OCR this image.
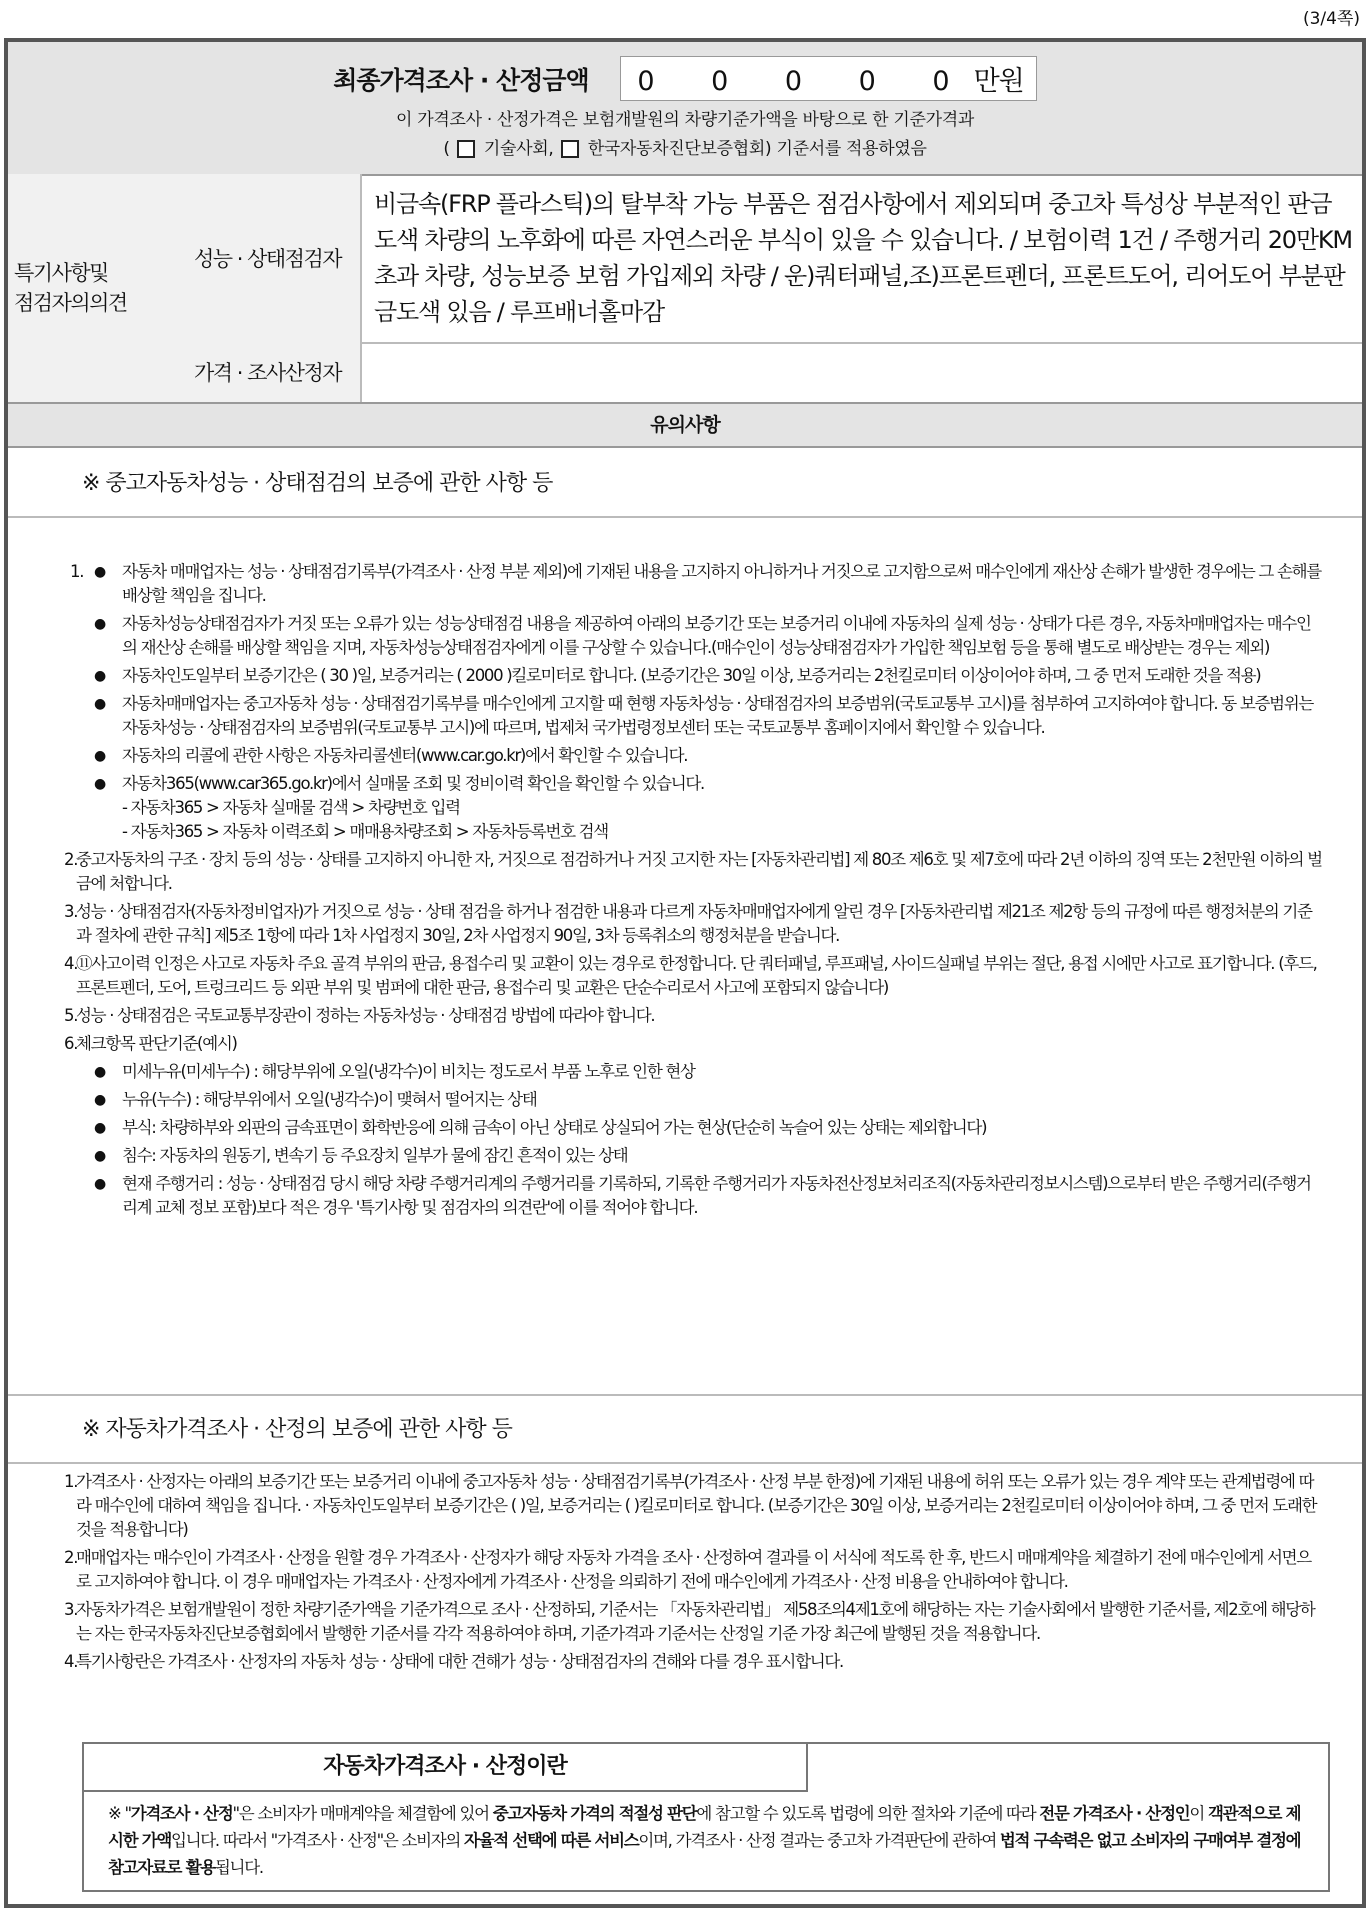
(3/4쪽)
최종가격조사 · 산정금액 0 0 0 0 0만원
이 가격조사 · 산정가격은 보험개발원의 차량기준가액을 바탕으로 한 기준가격과
( 기술사회, 한국자동차진단보증협회) 기준서를 적용하였음
특기사항및
점검자의의견
성능 · 상태점검자
비금속(FRP 플라스틱)의 탈부착 가능 부품은 점검사항에서 제외되며 중고차 특성상 부분적인 판금 도색 차량의 노후화에 따른 자연스러운 부식이 있을 수 있습니다. / 보험이력 1건 / 주행거리 20만KM 초과 차량, 성능보증 보험 가입제외 차량 / 운)쿼터패널,조)프론트펜더, 프론트도어, 리어도어 부분판금도색 있음 / 루프배너홀마감
가격 · 조사산정자
유의사항
※ 중고자동차성능 · 상태점검의 보증에 관한 사항 등
1. ● 자동차 매매업자는 성능 · 상태점검기록부(가격조사 · 산정 부분 제외)에 기재된 내용을 고지하지 아니하거나 거짓으로 고지함으로써 매수인에게 재산상 손해가 발생한 경우에는 그 손해를 배상할 책임을 집니다.

● 자동차성능상태점검자가 거짓 또는 오류가 있는 성능상태점검 내용을 제공하여 아래의 보증기간 또는 보증거리 이내에 자동차의 실제 성능 · 상태가 다른 경우, 자동차매매업자는 매수인의 재산상 손해를 배상할 책임을 지며, 자동차성능상태점검자에게 이를 구상할 수 있습니다.(매수인이 성능상태점검자가 가입한 책임보험 등을 통해 별도로 배상받는 경우는 제외)

● 자동차인도일부터 보증기간은 ( 30 )일, 보증거리는 ( 2000 )킬로미터로 합니다. (보증기간은 30일 이상, 보증거리는 2천킬로미터 이상이어야 하며, 그 중 먼저 도래한 것을 적용)

● 자동차매매업자는 중고자동차 성능 · 상태점검기록부를 매수인에게 고지할 때 현행 자동차성능 · 상태점검자의 보증범위(국토교통부 고시)를 첨부하여 고지하여야 합니다. 동 보증범위는 자동차성능 · 상태점검자의 보증범위(국토교통부 고시)에 따르며, 법제처 국가법령정보센터 또는 국토교통부 홈페이지에서 확인할 수 있습니다.

● 자동차의 리콜에 관한 사항은 자동차리콜센터(www.car.go.kr)에서 확인할 수 있습니다.

● 자동차365(www.car365.go.kr)에서 실매물 조회 및 정비이력 확인을 확인할 수 있습니다.

- 자동차365 > 자동차 실매물 검색 > 차량번호 입력

- 자동차365 > 자동차 이력조회 > 매매용차량조회 > 자동차등록번호 검색

2.

중고자동차의 구조 · 장치 등의 성능 · 상태를 고지하지 아니한 자, 거짓으로 점검하거나 거짓 고지한 자는 [자동차관리법] 제 80조 제6호 및 제7호에 따라 2년 이하의 징역 또는 2천만원 이하의 벌금에 처합니다.

3.

성능 · 상태점검자(자동차정비업자)가 거짓으로 성능 · 상태 점검을 하거나 점검한 내용과 다르게 자동차매매업자에게 알린 경우 [자동차관리법 제21조 제2항 등의 규정에 따른 행정처분의 기준과 절차에 관한 규칙] 제5조 1항에 따라 1차 사업정지 30일, 2차 사업정지 90일, 3차 등록취소의 행정처분을 받습니다.

4.

⑪사고이력 인정은 사고로 자동차 주요 골격 부위의 판금, 용접수리 및 교환이 있는 경우로 한정합니다. 단 쿼터패널, 루프패널, 사이드실패널 부위는 절단, 용접 시에만 사고로 표기합니다. (후드, 프론트펜더, 도어, 트렁크리드 등 외판 부위 및 범퍼에 대한 판금, 용접수리 및 교환은 단순수리로서 사고에 포함되지 않습니다)

5.

성능 · 상태점검은 국토교통부장관이 정하는 자동차성능 · 상태점검 방법에 따라야 합니다.

6.

체크항목 판단기준(예시)

● 미세누유(미세누수) : 해당부위에 오일(냉각수)이 비치는 정도로서 부품 노후로 인한 현상

● 누유(누수) : 해당부위에서 오일(냉각수)이 맺혀서 떨어지는 상태

● 부식: 차량하부와 외판의 금속표면이 화학반응에 의해 금속이 아닌 상태로 상실되어 가는 현상(단순히 녹슬어 있는 상태는 제외합니다)

● 침수: 자동차의 원동기, 변속기 등 주요장치 일부가 물에 잠긴 흔적이 있는 상태

● 현재 주행거리 : 성능 · 상태점검 당시 해당 차량 주행거리계의 주행거리를 기록하되, 기록한 주행거리가 자동차전산정보처리조직(자동차관리정보시스템)으로부터 받은 주행거리(주행거리계 교체 정보 포함)보다 적은 경우 '특기사항 및 점검자의 의견란'에 이를 적어야 합니다.

※ 자동차가격조사 · 산정의 보증에 관한 사항 등
1.

가격조사 · 산정자는 아래의 보증기간 또는 보증거리 이내에 중고자동차 성능 · 상태점검기록부(가격조사 · 산정 부분 한정)에 기재된 내용에 허위 또는 오류가 있는 경우 계약 또는 관계법령에 따라 매수인에 대하여 책임을 집니다. · 자동차인도일부터 보증기간은 ( )일, 보증거리는 ( )킬로미터로 합니다. (보증기간은 30일 이상, 보증거리는 2천킬로미터 이상이어야 하며, 그 중 먼저 도래한 것을 적용합니다)

2.

매매업자는 매수인이 가격조사 · 산정을 원할 경우 가격조사 · 산정자가 해당 자동차 가격을 조사 · 산정하여 결과를 이 서식에 적도록 한 후, 반드시 매매계약을 체결하기 전에 매수인에게 서면으로 고지하여야 합니다. 이 경우 매매업자는 가격조사 · 산정자에게 가격조사 · 산정을 의뢰하기 전에 매수인에게 가격조사 · 산정 비용을 안내하여야 합니다.

3.

자동차가격은 보험개발원이 정한 차량기준가액을 기준가격으로 조사 · 산정하되, 기준서는 「자동차관리법」 제58조의4제1호에 해당하는 자는 기술사회에서 발행한 기준서를, 제2호에 해당하는 자는 한국자동차진단보증협회에서 발행한 기준서를 각각 적용하여야 하며, 기준가격과 기준서는 산정일 기준 가장 최근에 발행된 것을 적용합니다.

4.

특기사항란은 가격조사 · 산정자의 자동차 성능 · 상태에 대한 견해가 성능 · 상태점검자의 견해와 다를 경우 표시합니다.

자동차가격조사 · 산정이란
※ "가격조사 · 산정"은 소비자가 매매계약을 체결함에 있어 중고자동차 가격의 적절성 판단에 참고할 수 있도록 법령에 의한 절차와 기준에 따라 전문 가격조사 · 산정인이 객관적으로 제시한 가액입니다. 따라서 "가격조사 · 산정"은 소비자의 자율적 선택에 따른 서비스이며, 가격조사 · 산정 결과는 중고차 가격판단에 관하여 법적 구속력은 없고 소비자의 구매여부 결정에 참고자료로 활용됩니다.
